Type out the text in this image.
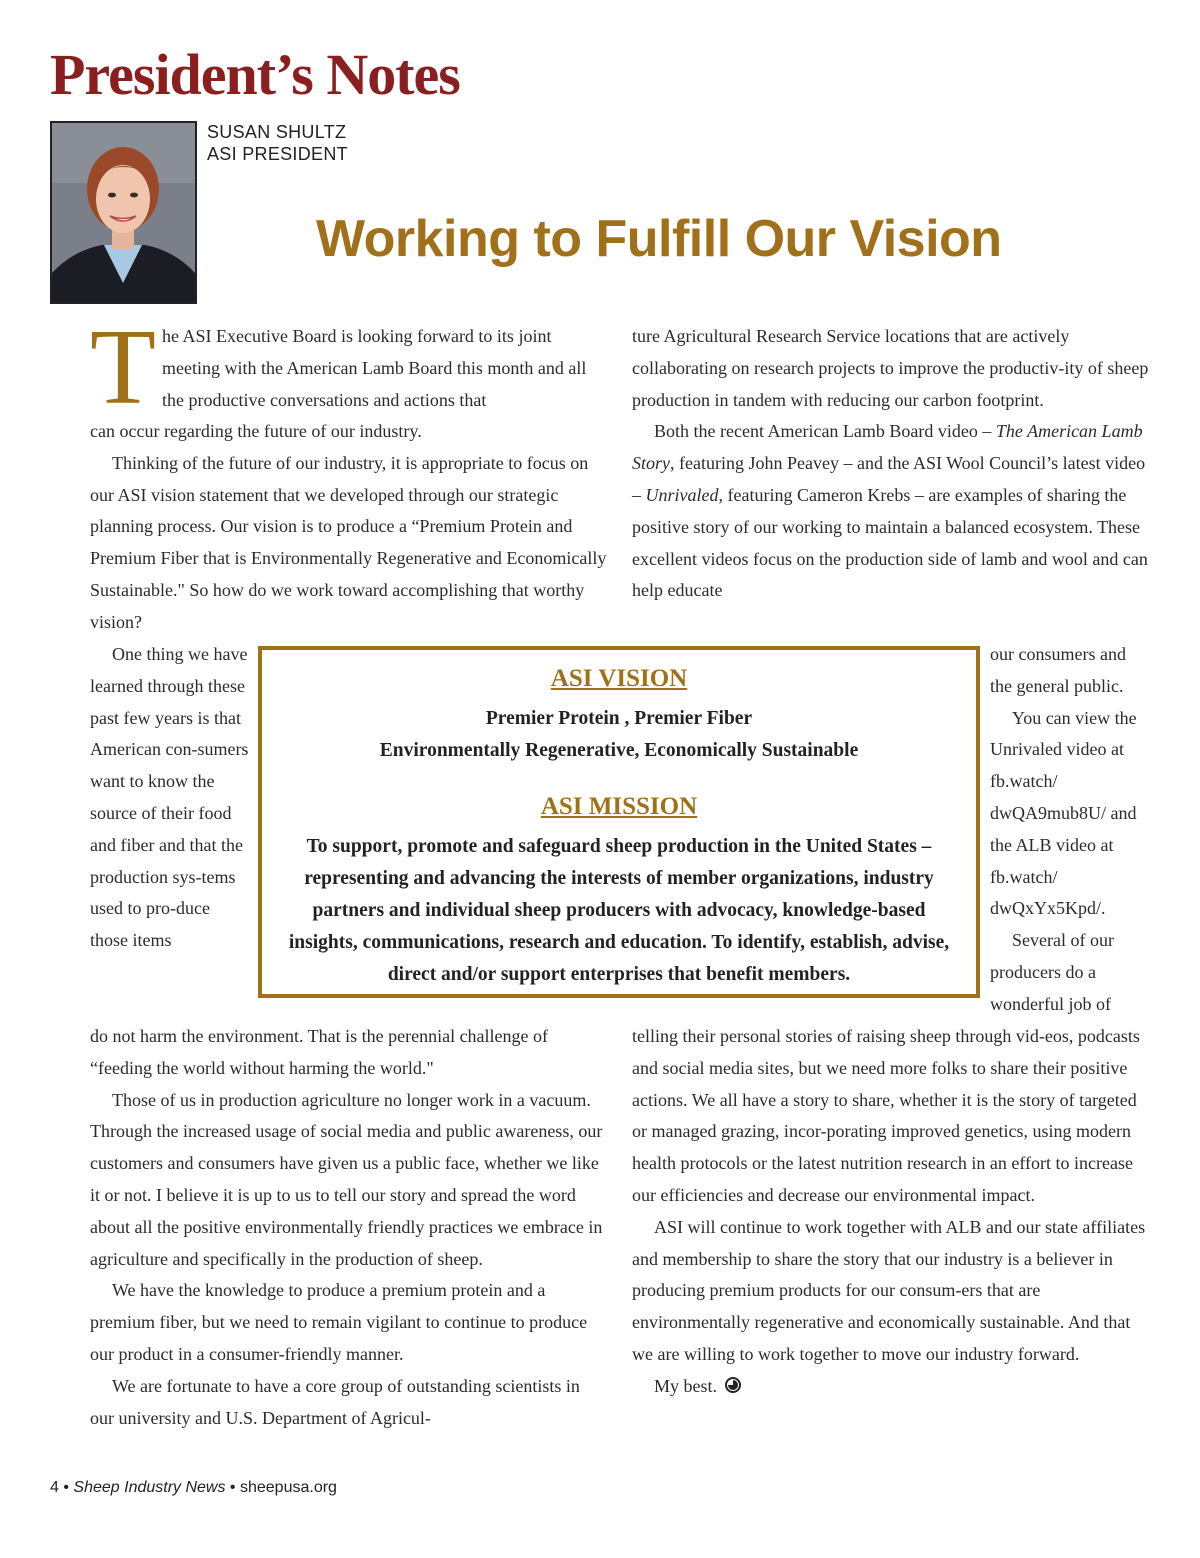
President’s Notes
SUSAN SHULTZ
ASI PRESIDENT
Working to Fulfill Our Vision
T he ASI Executive Board is looking forward to its joint meeting with the American Lamb Board this month and all the productive conversations and actions that

can occur regarding the future of our industry.

Thinking of the future of our industry, it is appropriate to focus on our ASI vision statement that we developed through our strategic planning process. Our vision is to produce a “Premium Protein and Premium Fiber that is Environmentally Regenerative and Economically Sustainable." So how do we work toward accomplishing that worthy vision?

One thing we have learned through these past few years is that American con-sumers want to know the source of their food and fiber and that the production sys-tems used to pro-duce those items

do not harm the environment. That is the perennial challenge of “feeding the world without harming the world."

Those of us in production agriculture no longer work in a vacuum. Through the increased usage of social media and public awareness, our customers and consumers have given us a public face, whether we like it or not. I believe it is up to us to tell our story and spread the word about all the positive environmentally friendly practices we embrace in agriculture and specifically in the production of sheep.

We have the knowledge to produce a premium protein and a premium fiber, but we need to remain vigilant to continue to produce our product in a consumer-friendly manner.

We are fortunate to have a core group of outstanding scientists in our university and U.S. Department of Agricul-

ture Agricultural Research Service locations that are actively collaborating on research projects to improve the productiv-ity of sheep production in tandem with reducing our carbon footprint.

Both the recent American Lamb Board video – The American Lamb Story, featuring John Peavey – and the ASI Wool Council’s latest video – Unrivaled, featuring Cameron Krebs – are examples of sharing the positive story of our working to maintain a balanced ecosystem. These excellent videos focus on the production side of lamb and wool and can help educate

our consumers and the general public.

You can view the Unrivaled video at fb.watch/ dwQA9mub8U/ and the ALB video at fb.watch/ dwQxYx5Kpd/.

Several of our producers do a wonderful job of

telling their personal stories of raising sheep through vid-eos, podcasts and social media sites, but we need more folks to share their positive actions. We all have a story to share, whether it is the story of targeted or managed grazing, incor-porating improved genetics, using modern health protocols or the latest nutrition research in an effort to increase our efficiencies and decrease our environmental impact.

ASI will continue to work together with ALB and our state affiliates and membership to share the story that our industry is a believer in producing premium products for our consum-ers that are environmentally regenerative and economically sustainable. And that we are willing to work together to move our industry forward.

My best.

ASI VISION
Premier Protein , Premier Fiber
Environmentally Regenerative, Economically Sustainable
ASI MISSION
To support, promote and safeguard sheep production in the United States – representing and advancing the interests of member organizations, industry partners and individual sheep producers with advocacy, knowledge-based insights, communications, research and education. To identify, establish, advise, direct and/or support enterprises that benefit members.
4 • Sheep Industry News • sheepusa.org
